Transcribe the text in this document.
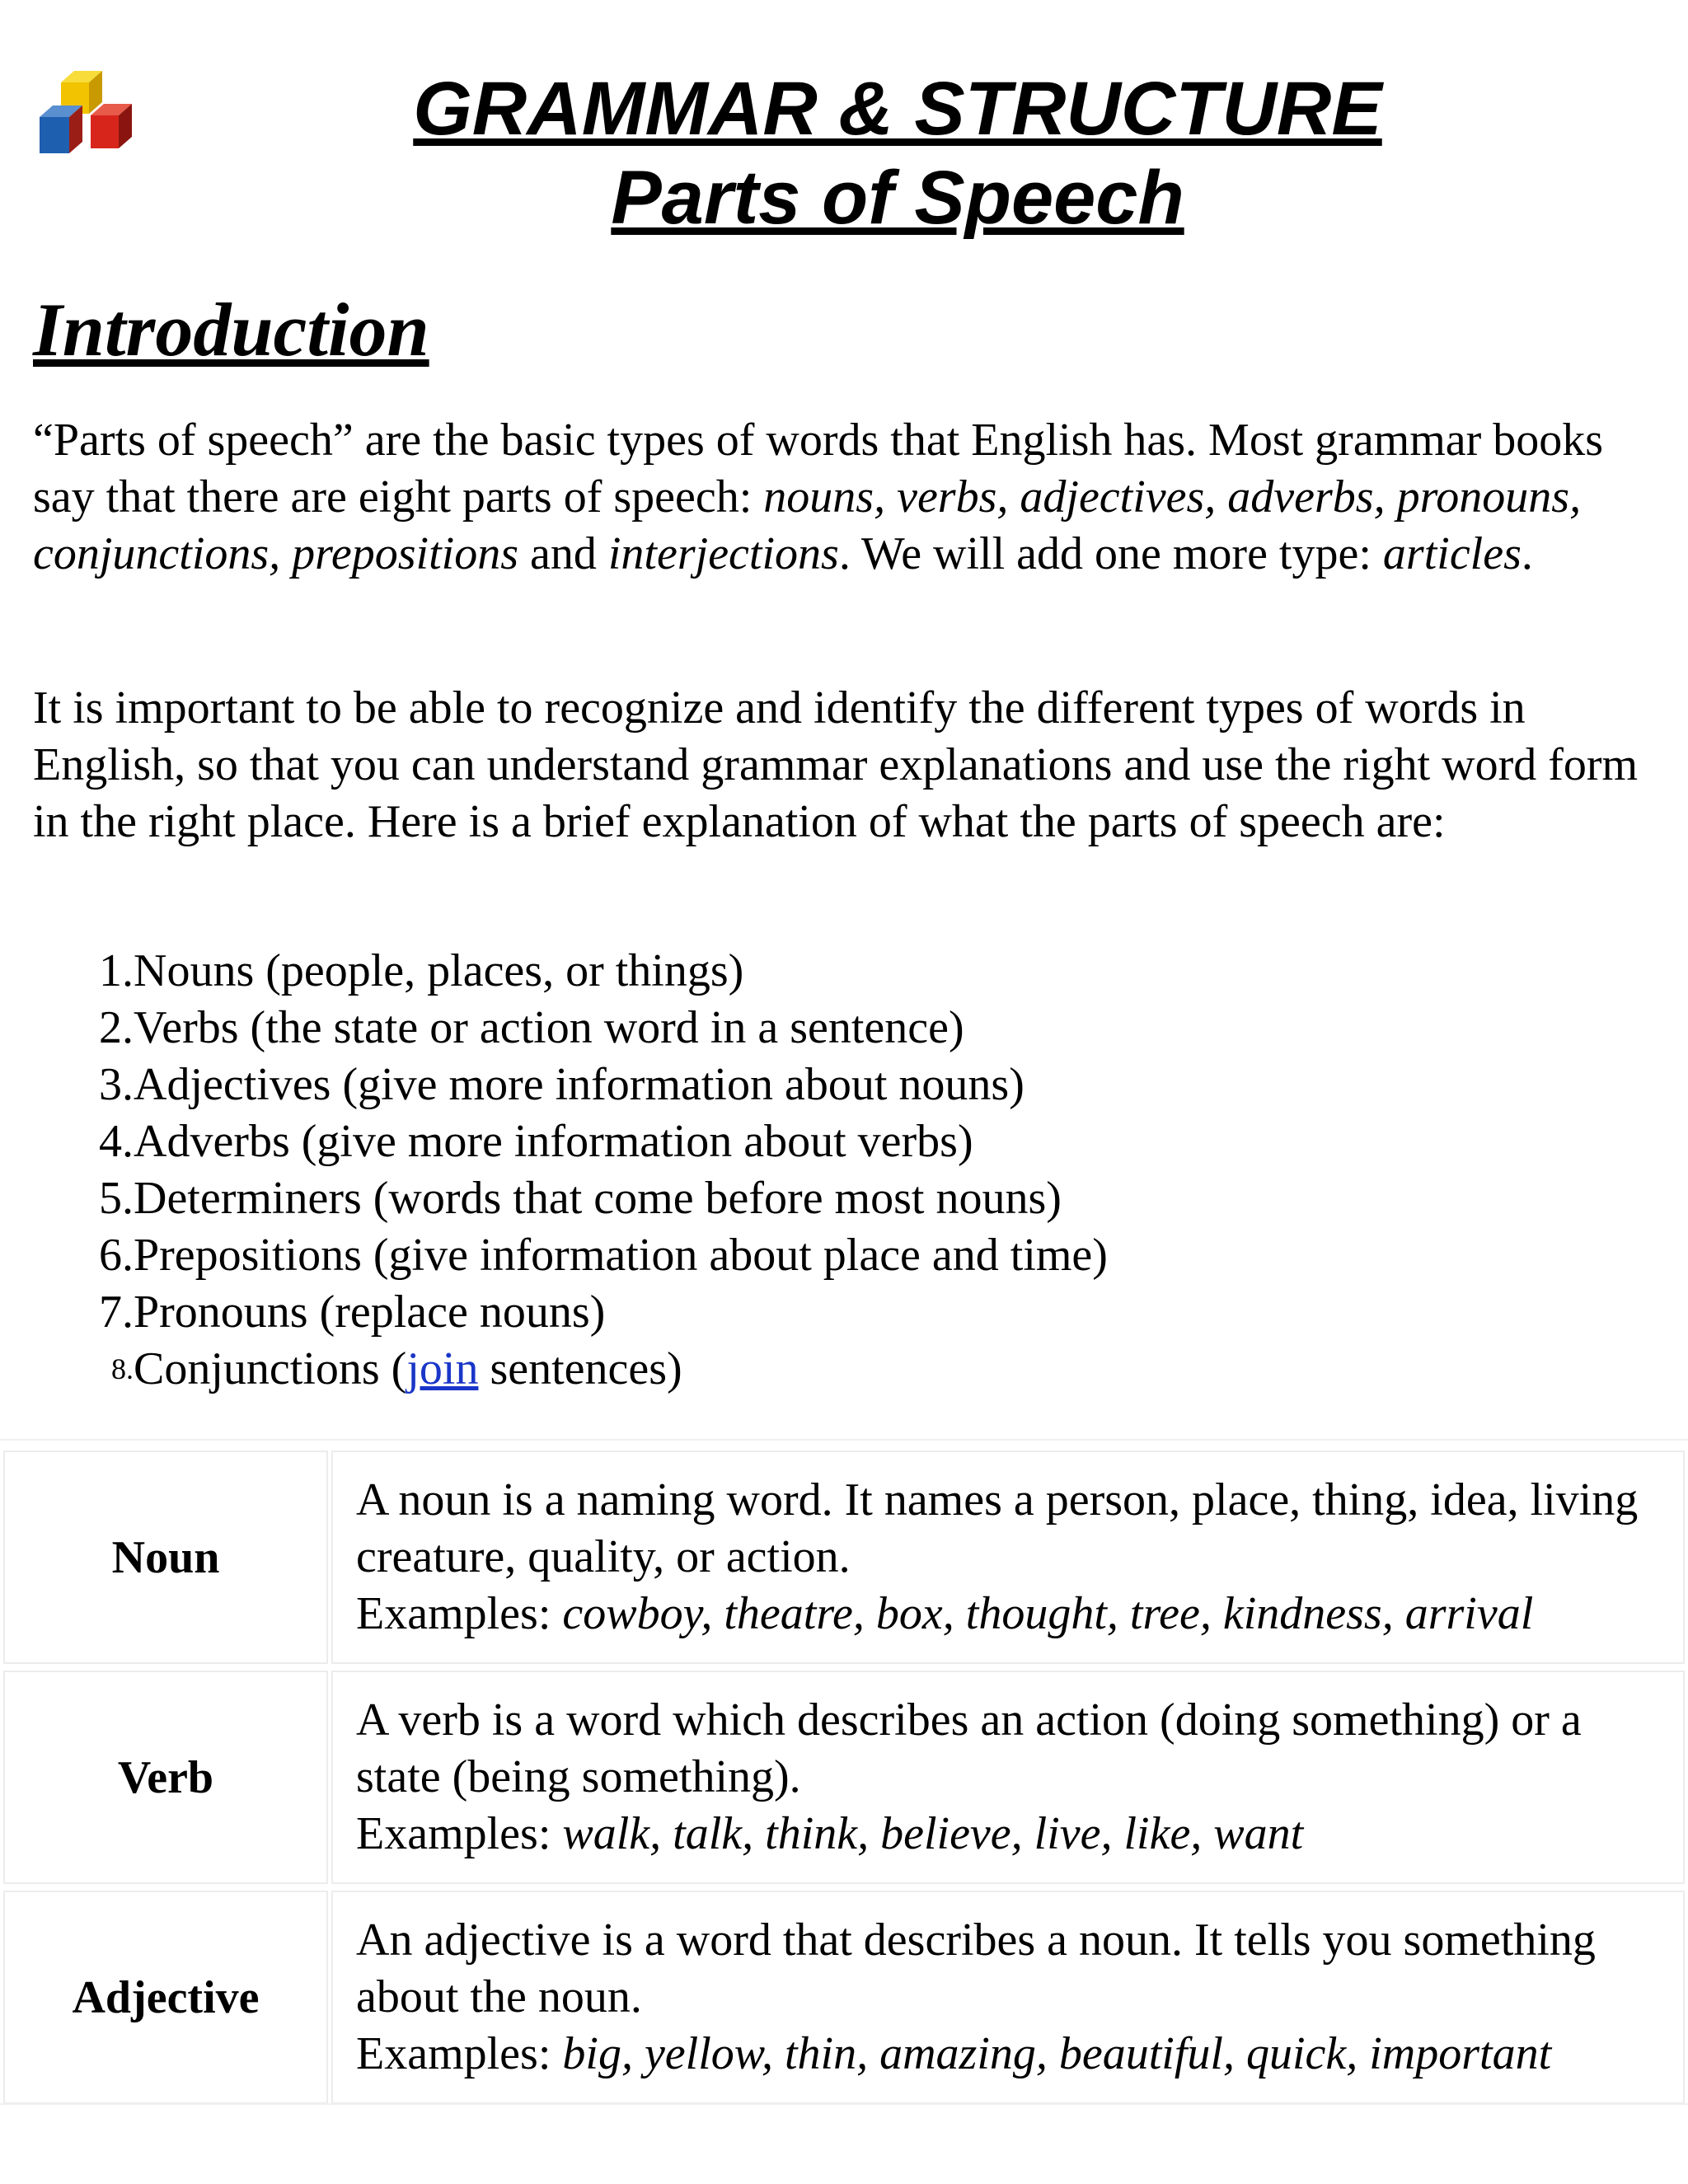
GRAMMAR & STRUCTURE
Parts of Speech
Introduction
“Parts of speech” are the basic types of words that English has. Most grammar books say that there are eight parts of speech: nouns, verbs, adjectives, adverbs, pronouns, conjunctions, prepositions and interjections. We will add one more type: articles.
It is important to be able to recognize and identify the different types of words in English, so that you can understand grammar explanations and use the right word form in the right place. Here is a brief explanation of what the parts of speech are:
1. Nouns (people, places, or things)
2. Verbs (the state or action word in a sentence)
3. Adjectives (give more information about nouns)
4. Adverbs (give more information about verbs)
5. Determiners (words that come before most nouns)
6. Prepositions (give information about place and time)
7. Pronouns (replace nouns)
8. Conjunctions (join sentences)
Noun	A noun is a naming word. It names a person, place, thing, idea, living creature, quality, or action.
Examples: cowboy, theatre, box, thought, tree, kindness, arrival
Verb	A verb is a word which describes an action (doing something) or a state (being something).
Examples: walk, talk, think, believe, live, like, want
Adjective	An adjective is a word that describes a noun. It tells you something about the noun.
Examples: big, yellow, thin, amazing, beautiful, quick, important
